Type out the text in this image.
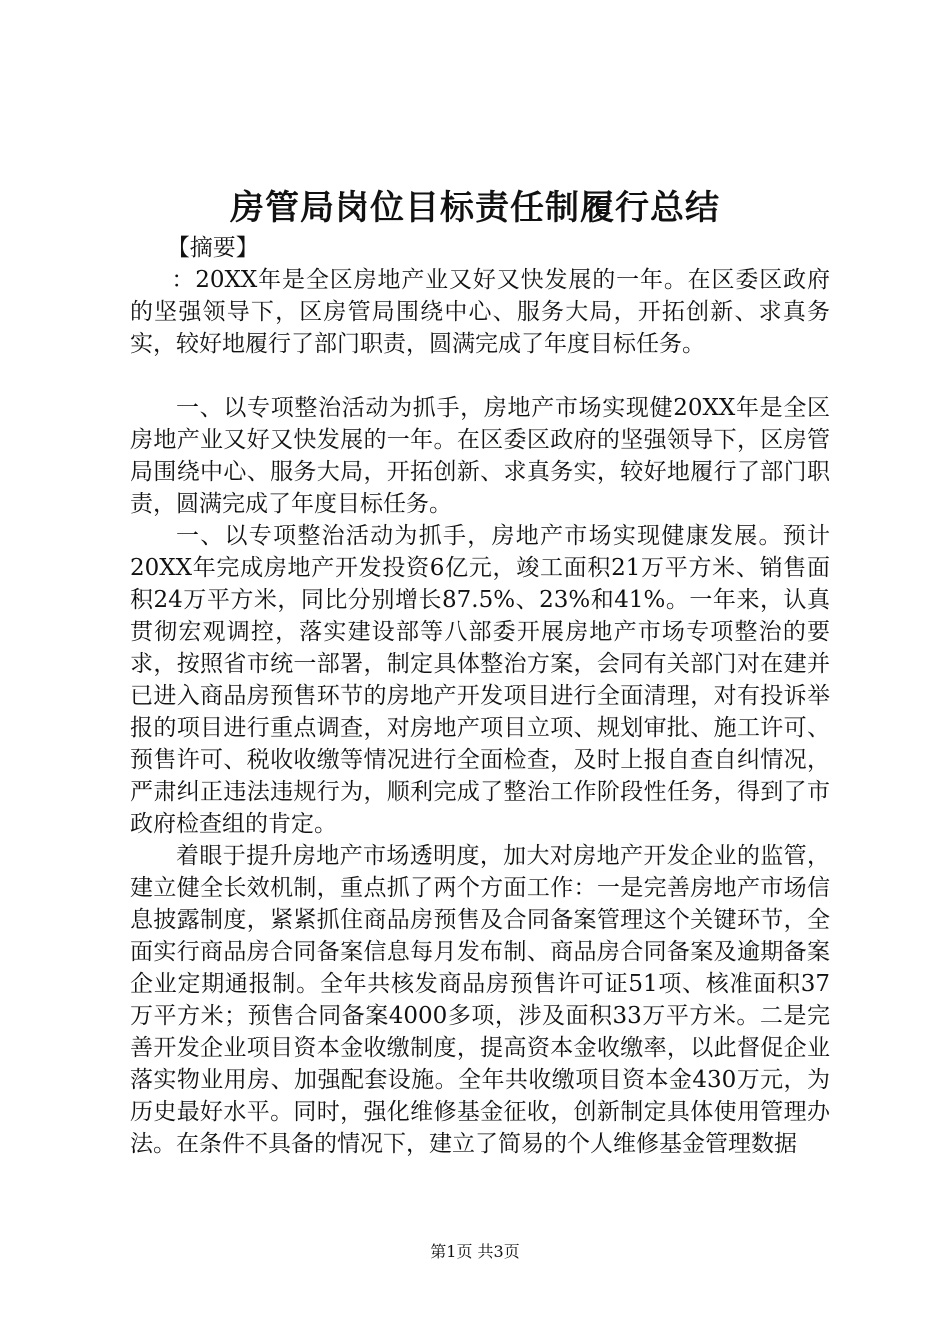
房管局岗位目标责任制履行总结

【摘要】

：20XX年是全区房地产业又好又快发展的一年。在区委区政府的坚强领导下，区房管局围绕中心、服务大局，开拓创新、求真务实，较好地履行了部门职责，圆满完成了年度目标任务。

一、以专项整治活动为抓手，房地产市场实现健20XX年是全区房地产业又好又快发展的一年。在区委区政府的坚强领导下，区房管局围绕中心、服务大局，开拓创新、求真务实，较好地履行了部门职责，圆满完成了年度目标任务。

一、以专项整治活动为抓手，房地产市场实现健康发展。预计20XX年完成房地产开发投资6亿元，竣工面积21万平方米、销售面积24万平方米，同比分别增长87.5%、23%和41%。一年来，认真贯彻宏观调控，落实建设部等八部委开展房地产市场专项整治的要求，按照省市统一部署，制定具体整治方案，会同有关部门对在建并已进入商品房预售环节的房地产开发项目进行全面清理，对有投诉举报的项目进行重点调查，对房地产项目立项、规划审批、施工许可、预售许可、税收收缴等情况进行全面检查，及时上报自查自纠情况，严肃纠正违法违规行为，顺利完成了整治工作阶段性任务，得到了市政府检查组的肯定。

着眼于提升房地产市场透明度，加大对房地产开发企业的监管，建立健全长效机制，重点抓了两个方面工作：一是完善房地产市场信息披露制度，紧紧抓住商品房预售及合同备案管理这个关键环节，全面实行商品房合同备案信息每月发布制、商品房合同备案及逾期备案企业定期通报制。全年共核发商品房预售许可证51项、核准面积37万平方米；预售合同备案4000多项，涉及面积33万平方米。二是完善开发企业项目资本金收缴制度，提高资本金收缴率，以此督促企业落实物业用房、加强配套设施。全年共收缴项目资本金430万元，为历史最好水平。同时，强化维修基金征收，创新制定具体使用管理办法。在条件不具备的情况下，建立了简易的个人维修基金管理数据

第1页 共3页
